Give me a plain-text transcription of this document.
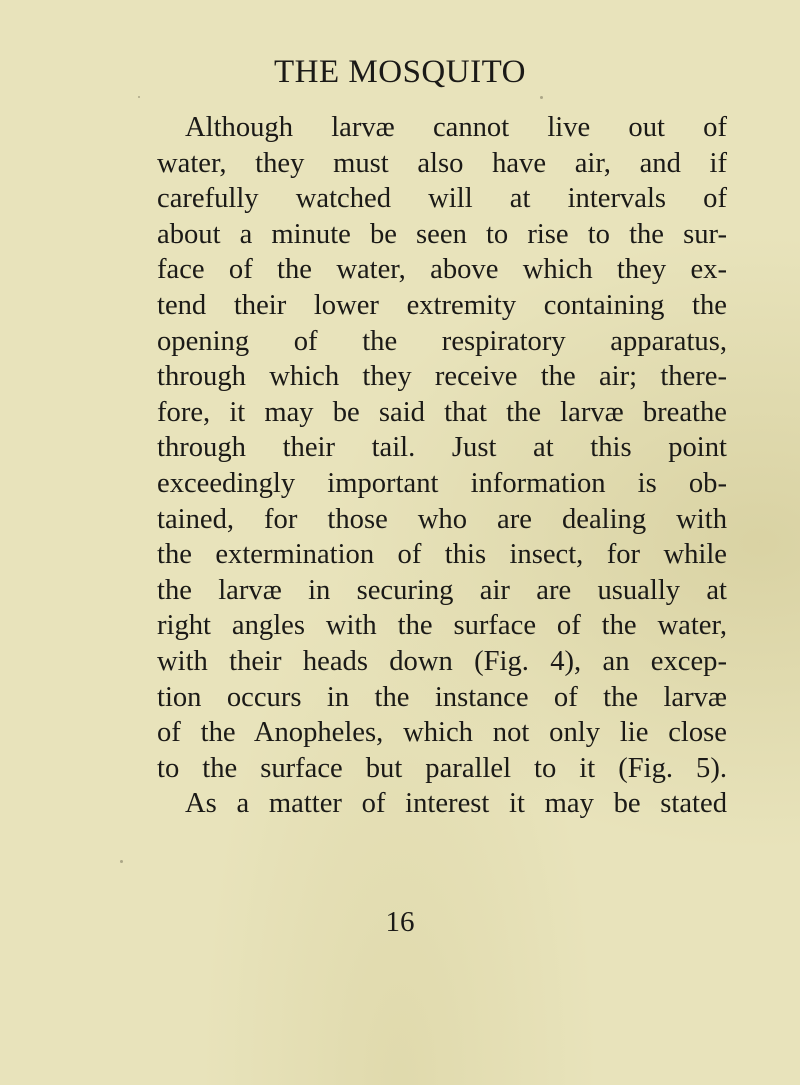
THE MOSQUITO
Although larvæ cannot live out of
water, they must also have air, and if
carefully watched will at intervals of
about a minute be seen to rise to the sur-
face of the water, above which they ex-
tend their lower extremity containing the
opening of the respiratory apparatus,
through which they receive the air; there-
fore, it may be said that the larvæ breathe
through their tail. Just at this point
exceedingly important information is ob-
tained, for those who are dealing with
the extermination of this insect, for while
the larvæ in securing air are usually at
right angles with the surface of the water,
with their heads down (Fig. 4), an excep-
tion occurs in the instance of the larvæ
of the Anopheles, which not only lie close
to the surface but parallel to it (Fig. 5).
As a matter of interest it may be stated
16
